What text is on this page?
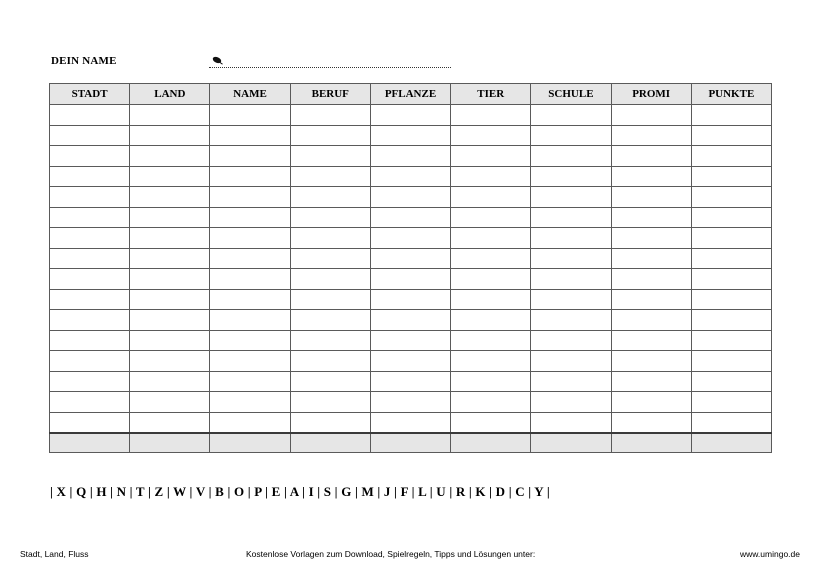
DEIN NAME
STADT	LAND	NAME	BERUF	PFLANZE	TIER	SCHULE	PROMI	PUNKTE

| X | Q | H | N | T | Z | W | V | B | O | P | E | A | I | S | G | M | J | F | L | U | R | K | D | C | Y |
Stadt, Land, Fluss	Kostenlose Vorlagen zum Download, Spielregeln, Tipps und Lösungen unter:	www.umingo.de
